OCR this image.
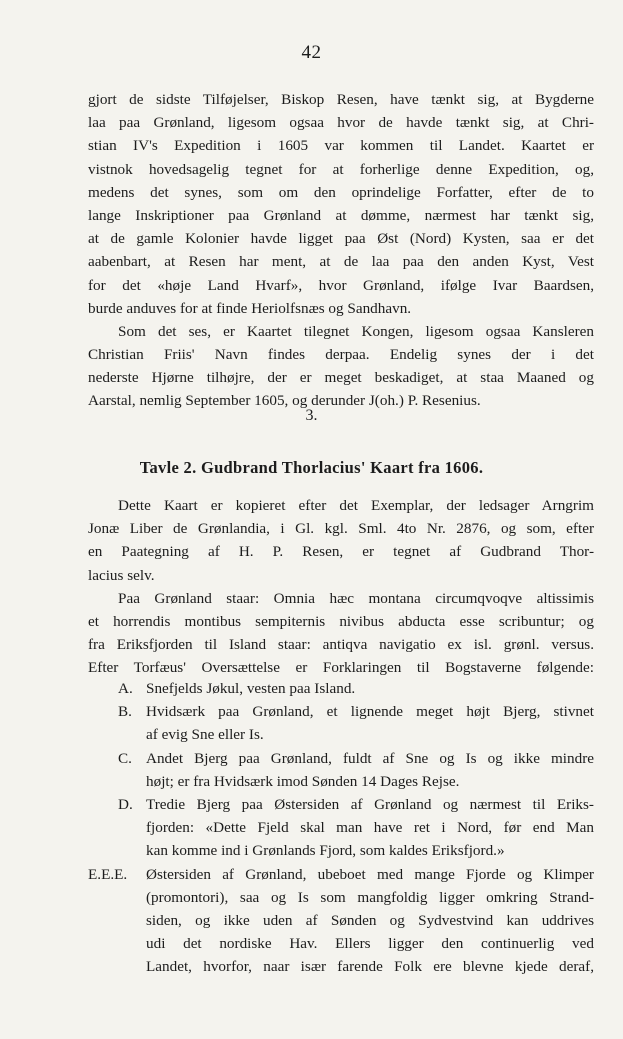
42
gjort de sidste Tilføjelser, Biskop Resen, have tænkt sig, at Bygderne
laa paa Grønland, ligesom ogsaa hvor de havde tænkt sig, at Chri-
stian IV's Expedition i 1605 var kommen til Landet. Kaartet er
vistnok hovedsagelig tegnet for at forherlige denne Expedition, og,
medens det synes, som om den oprindelige Forfatter, efter de to
lange Inskriptioner paa Grønland at dømme, nærmest har tænkt sig,
at de gamle Kolonier havde ligget paa Øst (Nord) Kysten, saa er det
aabenbart, at Resen har ment, at de laa paa den anden Kyst, Vest
for det «høje Land Hvarf», hvor Grønland, ifølge Ivar Baardsen,
burde anduves for at finde Heriolfsnæs og Sandhavn.
Som det ses, er Kaartet tilegnet Kongen, ligesom ogsaa Kansleren
Christian Friis' Navn findes derpaa. Endelig synes der i det
nederste Hjørne tilhøjre, der er meget beskadiget, at staa Maaned og
Aarstal, nemlig September 1605, og derunder J(oh.) P. Resenius.
3.
Tavle 2. Gudbrand Thorlacius' Kaart fra 1606.
Dette Kaart er kopieret efter det Exemplar, der ledsager Arngrim
Jonæ Liber de Grønlandia, i Gl. kgl. Sml. 4to Nr. 2876, og som, efter
en Paategning af H. P. Resen, er tegnet af Gudbrand Thor-
lacius selv.
Paa Grønland staar: Omnia hæc montana circumqvoqve altissimis
et horrendis montibus sempiternis nivibus abducta esse scribuntur; og
fra Eriksfjorden til Island staar: antiqva navigatio ex isl. grønl. versus.
Efter Torfæus' Oversættelse er Forklaringen til Bogstaverne følgende:
A. Snefjelds Jøkul, vesten paa Island.
B. Hvidsærk paa Grønland, et lignende meget højt Bjerg, stivnet
af evig Sne eller Is.
C. Andet Bjerg paa Grønland, fuldt af Sne og Is og ikke mindre
højt; er fra Hvidsærk imod Sønden 14 Dages Rejse.
D. Tredie Bjerg paa Østersiden af Grønland og nærmest til Eriks-
fjorden: «Dette Fjeld skal man have ret i Nord, før end Man
kan komme ind i Grønlands Fjord, som kaldes Eriksfjord.»
E.E.E. Østersiden af Grønland, ubeboet med mange Fjorde og Klimper
(promontori), saa og Is som mangfoldig ligger omkring Strand-
siden, og ikke uden af Sønden og Sydvestvind kan uddrives
udi det nordiske Hav. Ellers ligger den continuerlig ved
Landet, hvorfor, naar især farende Folk ere blevne kjede deraf,
